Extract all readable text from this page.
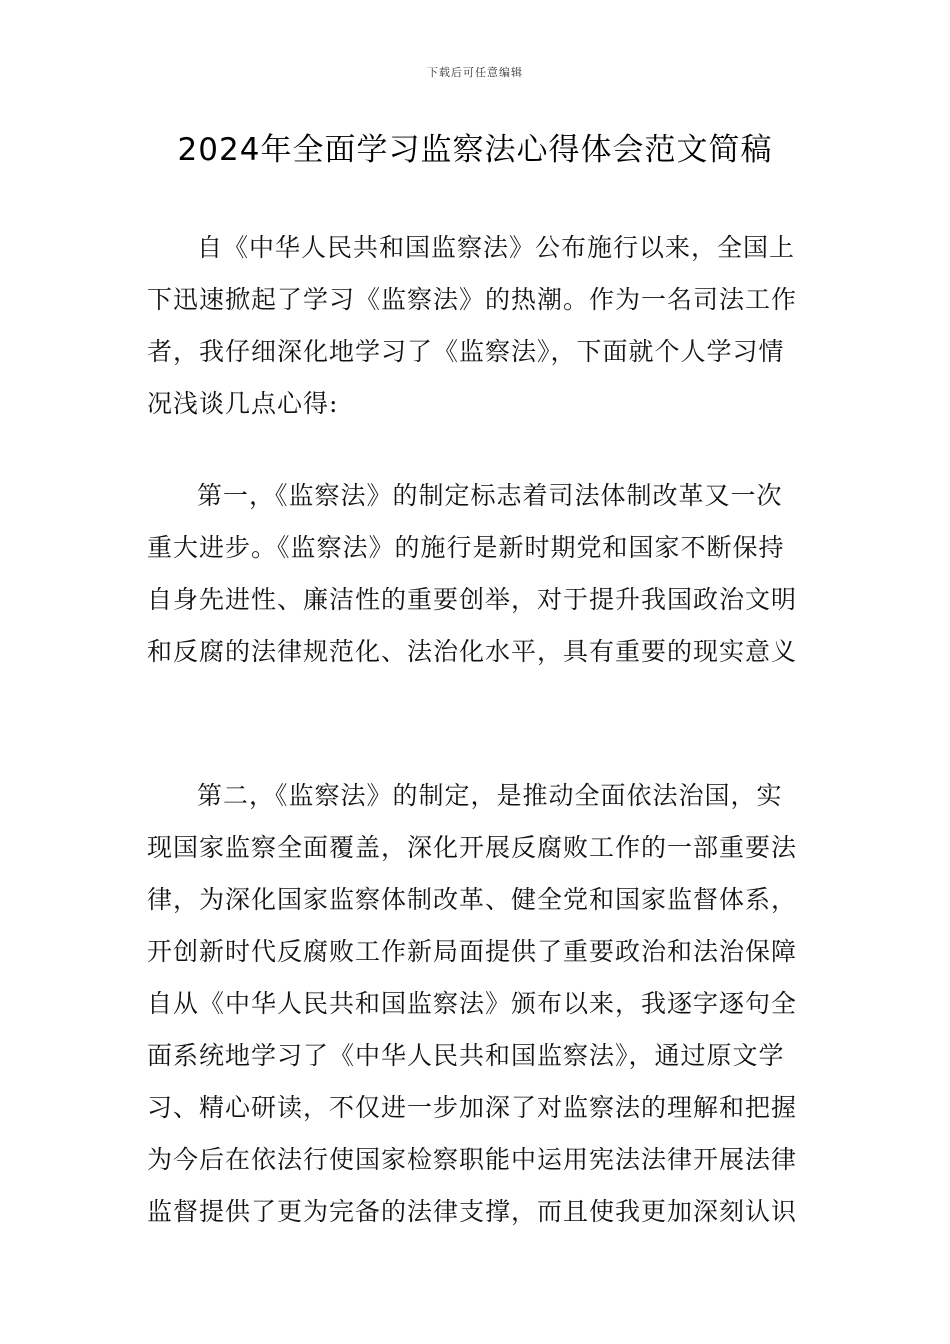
下载后可任意编辑
2024年全面学习监察法心得体会范文简稿
自《中华人民共和国监察法》公布施行以来，全国上
下迅速掀起了学习《监察法》的热潮。作为一名司法工作
者，我仔细深化地学习了《监察法》，下面就个人学习情
况浅谈几点心得:
第一，《监察法》的制定标志着司法体制改革又一次
重大进步。《监察法》的施行是新时期党和国家不断保持
自身先进性、廉洁性的重要创举，对于提升我国政治文明
和反腐的法律规范化、法治化水平，具有重要的现实意义
第二，《监察法》的制定，是推动全面依法治国，实
现国家监察全面覆盖，深化开展反腐败工作的一部重要法
律，为深化国家监察体制改革、健全党和国家监督体系，
开创新时代反腐败工作新局面提供了重要政治和法治保障
自从《中华人民共和国监察法》颁布以来，我逐字逐句全
面系统地学习了《中华人民共和国监察法》，通过原文学
习、精心研读，不仅进一步加深了对监察法的理解和把握
为今后在依法行使国家检察职能中运用宪法法律开展法律
监督提供了更为完备的法律支撑，而且使我更加深刻认识
